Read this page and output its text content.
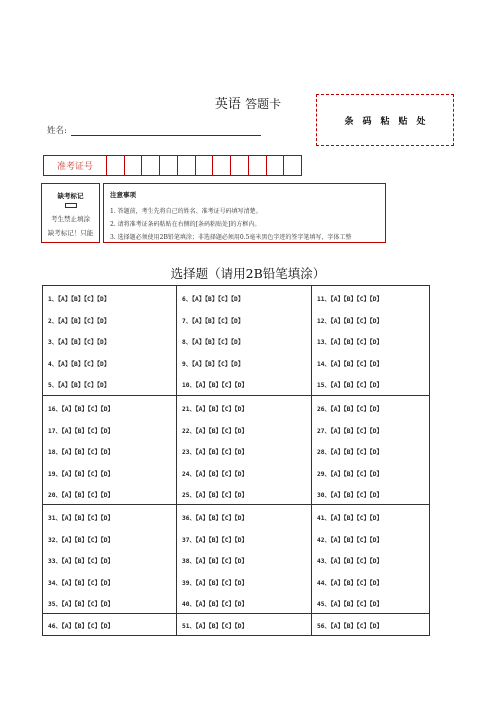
英语 答题卡
姓名:
条码粘贴处
准考证号
缺考标记
考生禁止填涂
缺考标记！只能
注意事项
1. 答题前，考生先将自己的姓名、准考证号码填写清楚。
2. 请将准考证条码粘贴在右侧的[条码粘贴处]的方框内。
3. 选择题必须使用2B铅笔填涂；非选择题必须用0.5毫米黑色字迹的签字笔填写，字体工整
选择题（请用2B铅笔填涂）
1、【A】【B】【C】【D】
2、【A】【B】【C】【D】
3、【A】【B】【C】【D】
4、【A】【B】【C】【D】
5、【A】【B】【C】【D】
6、【A】【B】【C】【D】
7、【A】【B】【C】【D】
8、【A】【B】【C】【D】
9、【A】【B】【C】【D】
10、【A】【B】【C】【D】
11、【A】【B】【C】【D】
12、【A】【B】【C】【D】
13、【A】【B】【C】【D】
14、【A】【B】【C】【D】
15、【A】【B】【C】【D】
16、【A】【B】【C】【D】
17、【A】【B】【C】【D】
18、【A】【B】【C】【D】
19、【A】【B】【C】【D】
20、【A】【B】【C】【D】
21、【A】【B】【C】【D】
22、【A】【B】【C】【D】
23、【A】【B】【C】【D】
24、【A】【B】【C】【D】
25、【A】【B】【C】【D】
26、【A】【B】【C】【D】
27、【A】【B】【C】【D】
28、【A】【B】【C】【D】
29、【A】【B】【C】【D】
30、【A】【B】【C】【D】
31、【A】【B】【C】【D】
32、【A】【B】【C】【D】
33、【A】【B】【C】【D】
34、【A】【B】【C】【D】
35、【A】【B】【C】【D】
36、【A】【B】【C】【D】
37、【A】【B】【C】【D】
38、【A】【B】【C】【D】
39、【A】【B】【C】【D】
40、【A】【B】【C】【D】
41、【A】【B】【C】【D】
42、【A】【B】【C】【D】
43、【A】【B】【C】【D】
44、【A】【B】【C】【D】
45、【A】【B】【C】【D】
46、【A】【B】【C】【D】	51、【A】【B】【C】【D】	56、【A】【B】【C】【D】
